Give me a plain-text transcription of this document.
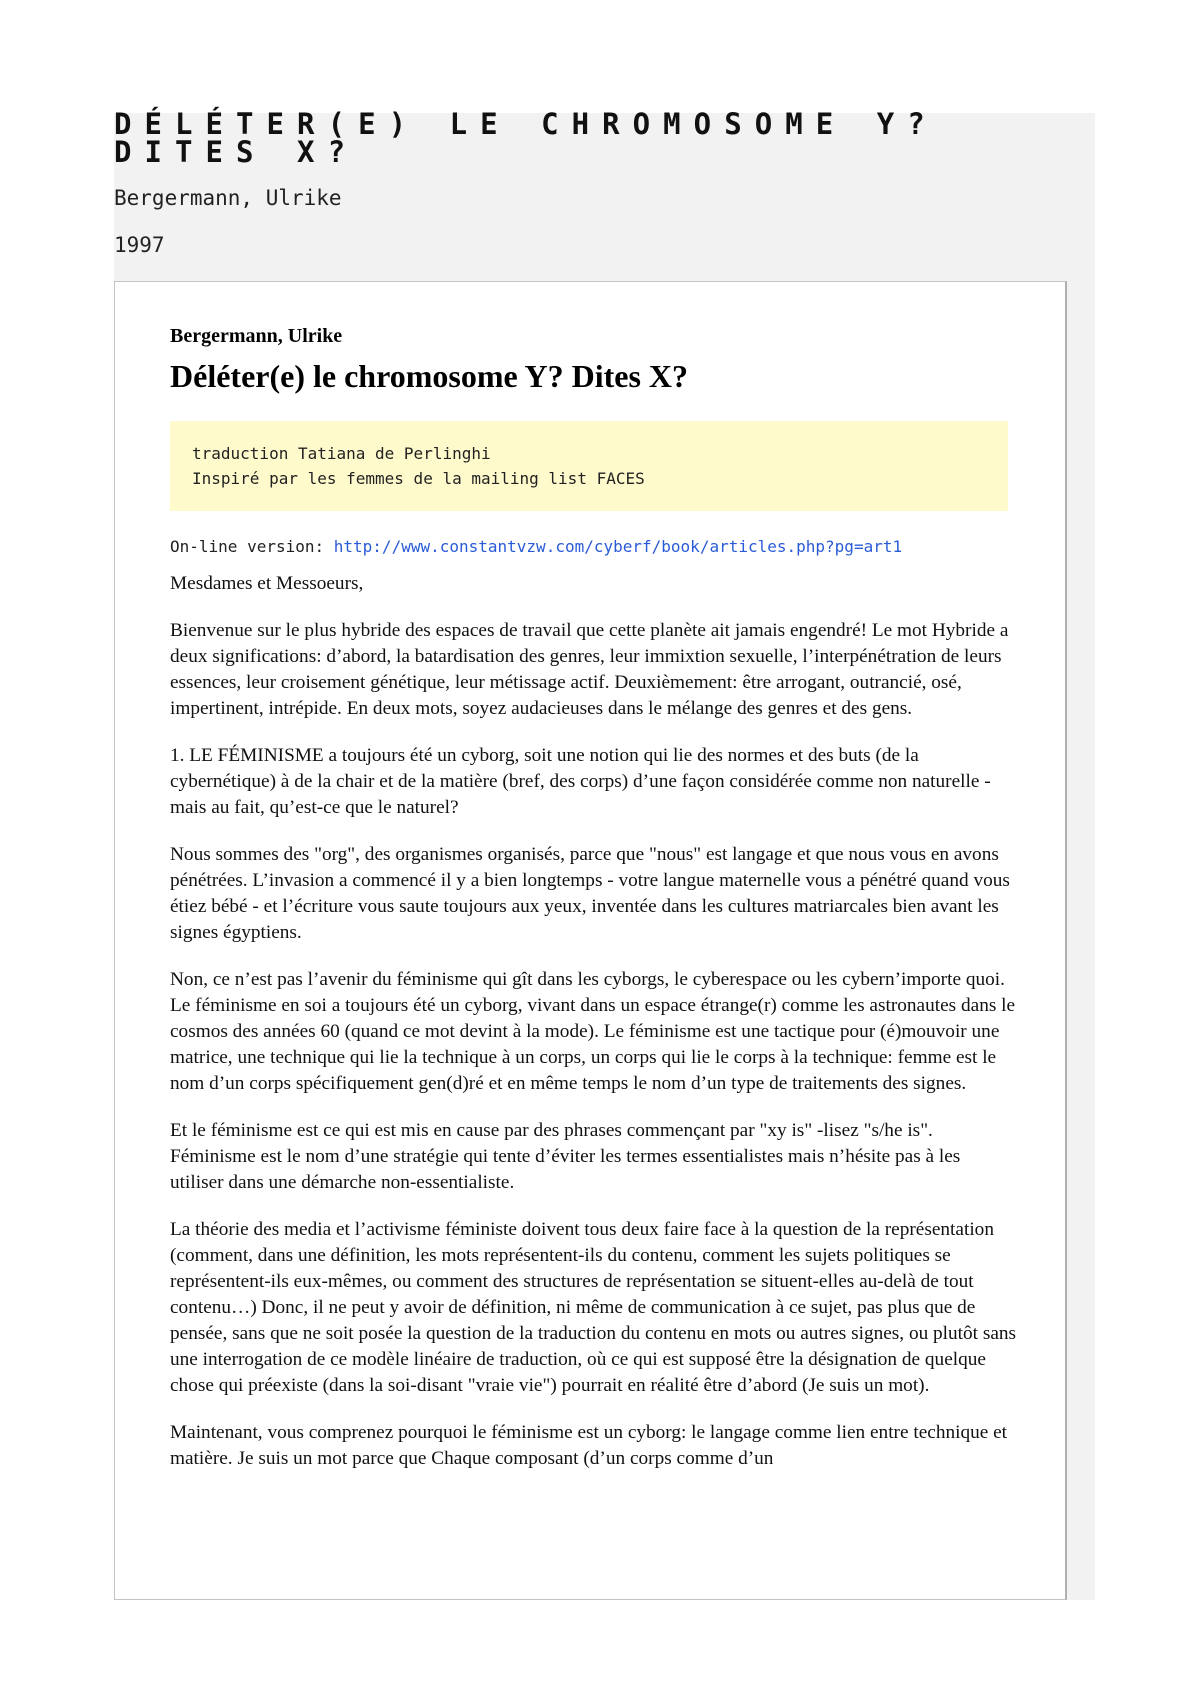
DÉLÉTER(E) LE CHROMOSOME Y? DITES X?
Bergermann, Ulrike
1997
Bergermann, Ulrike
Déléter(e) le chromosome Y? Dites X?
traduction Tatiana de Perlinghi
Inspiré par les femmes de la mailing list FACES
On-line version: http://www.constantvzw.com/cyberf/book/articles.php?pg=art1

Mesdames et Messoeurs,

Bienvenue sur le plus hybride des espaces de travail que cette planète ait jamais engendré! Le mot Hybride a deux significations: d’abord, la batardisation des genres, leur immixtion sexuelle, l’interpénétration de leurs essences, leur croisement génétique, leur métissage actif. Deuxièmement: être arrogant, outrancié, osé, impertinent, intrépide. En deux mots, soyez audacieuses dans le mélange des genres et des gens.

1. LE FÉMINISME a toujours été un cyborg, soit une notion qui lie des normes et des buts (de la cybernétique) à de la chair et de la matière (bref, des corps) d’une façon considérée comme non naturelle - mais au fait, qu’est-ce que le naturel?

Nous sommes des "org", des organismes organisés, parce que "nous" est langage et que nous vous en avons pénétrées. L’invasion a commencé il y a bien longtemps - votre langue maternelle vous a pénétré quand vous étiez bébé - et l’écriture vous saute toujours aux yeux, inventée dans les cultures matriarcales bien avant les signes égyptiens.

Non, ce n’est pas l’avenir du féminisme qui gît dans les cyborgs, le cyberespace ou les cybern’importe quoi. Le féminisme en soi a toujours été un cyborg, vivant dans un espace étrange(r) comme les astronautes dans le cosmos des années 60 (quand ce mot devint à la mode). Le féminisme est une tactique pour (é)mouvoir une matrice, une technique qui lie la technique à un corps, un corps qui lie le corps à la technique: femme est le nom d’un corps spécifiquement gen(d)ré et en même temps le nom d’un type de traitements des signes.

Et le féminisme est ce qui est mis en cause par des phrases commençant par "xy is" -lisez "s/he is". Féminisme est le nom d’une stratégie qui tente d’éviter les termes essentialistes mais n’hésite pas à les utiliser dans une démarche non-essentialiste.

La théorie des media et l’activisme féministe doivent tous deux faire face à la question de la représentation (comment, dans une définition, les mots représentent-ils du contenu, comment les sujets politiques se représentent-ils eux-mêmes, ou comment des structures de représentation se situent-elles au-delà de tout contenu…) Donc, il ne peut y avoir de définition, ni même de communication à ce sujet, pas plus que de pensée, sans que ne soit posée la question de la traduction du contenu en mots ou autres signes, ou plutôt sans une interrogation de ce modèle linéaire de traduction, où ce qui est supposé être la désignation de quelque chose qui préexiste (dans la soi-disant "vraie vie") pourrait en réalité être d’abord (Je suis un mot).

Maintenant, vous comprenez pourquoi le féminisme est un cyborg: le langage comme lien entre technique et matière. Je suis un mot parce que Chaque composant (d’un corps comme d’un
